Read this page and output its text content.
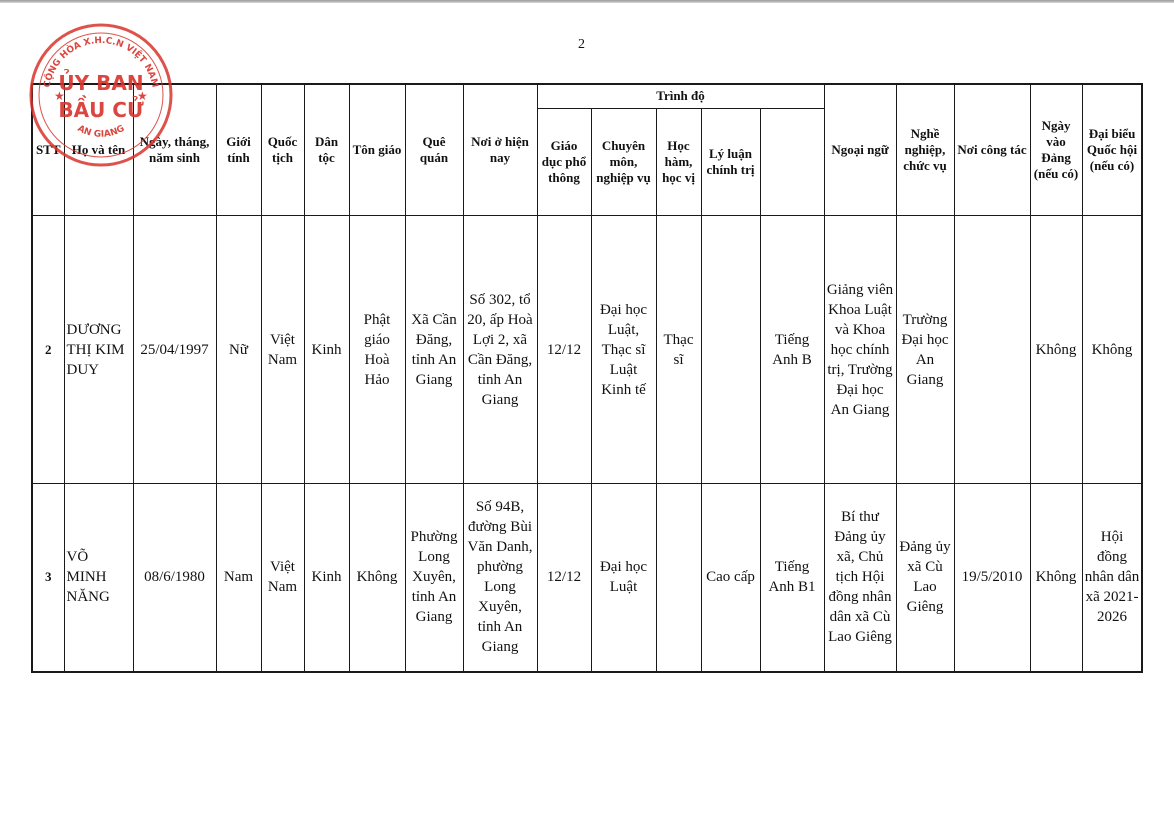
2
STT	Họ và tên	Ngày, tháng, năm sinh	Giới tính	Quốc tịch	Dân tộc	Tôn giáo	Quê quán	Nơi ở hiện nay	Trình độ					Ngoại ngữ	Nghề nghiệp, chức vụ	Nơi công tác	Ngày vào Đảng (nếu có)	Đại biểu Quốc hội (nếu có)	
									Giáo dục phổ thông	Chuyên môn, nghiệp vụ	Học hàm, học vị	Lý luận chính trị							
2	DƯƠNG THỊ KIM DUY	25/04/1997	Nữ	Việt Nam	Kinh	Phật giáo Hoà Hảo	Xã Cần Đăng, tỉnh An Giang	Số 302, tổ 20, ấp Hoà Lợi 2, xã Cần Đăng, tỉnh An Giang	12/12	Đại học Luật, Thạc sĩ Luật Kinh tế	Thạc sĩ		Tiếng Anh B	Giảng viên Khoa Luật và Khoa học chính trị, Trường Đại học An Giang	Trường Đại học An Giang		Không	Không	
3	VÕ MINH NĂNG	08/6/1980	Nam	Việt Nam	Kinh	Không	Phường Long Xuyên, tỉnh An Giang	Số 94B, đường Bùi Văn Danh, phường Long Xuyên, tỉnh An Giang	12/12	Đại học Luật		Cao cấp	Tiếng Anh B1	Bí thư Đảng ủy xã, Chủ tịch Hội đồng nhân dân xã Cù Lao Giêng	Đảng ủy xã Cù Lao Giêng	19/5/2010	Không	Hội đồng nhân dân xã 2021-2026	
CỘNG HÒA X.H.C.N VIỆT NAM
AN GIANG
ỦY BAN
BẦU CỬ
★	★
